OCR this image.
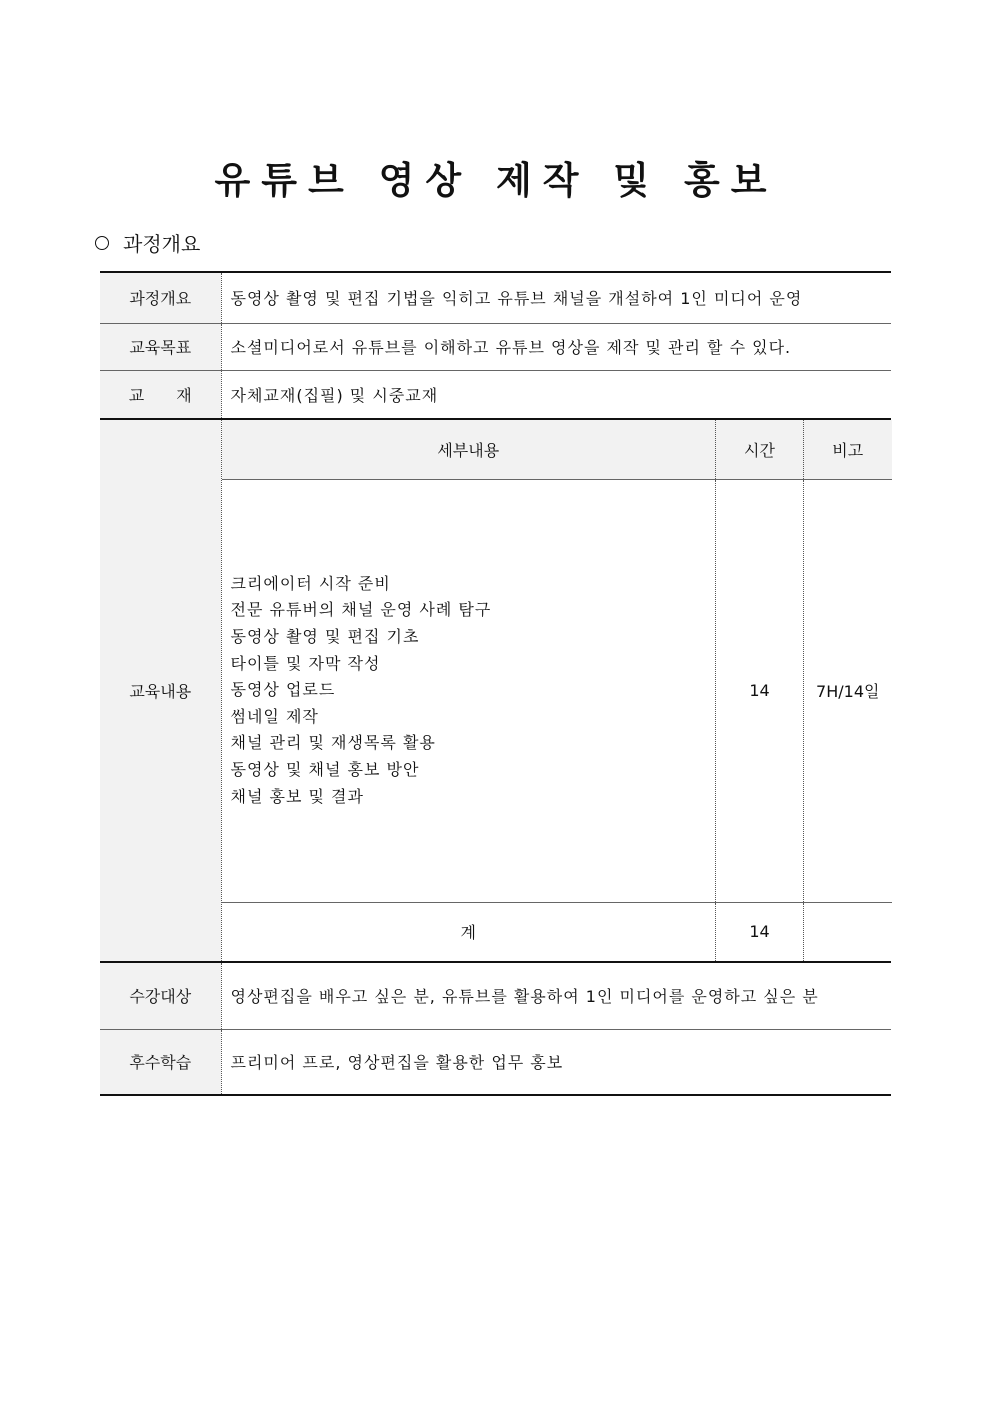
유튜브 영상 제작 및 홍보
과정개요
과정개요	동영상 촬영 및 편집 기법을 익히고 유튜브 채널을 개설하여 1인 미디어 운영
교육목표	소셜미디어로서 유튜브를 이해하고 유튜브 영상을 제작 및 관리 할 수 있다.
교　　재	자체교재(집필) 및 시중교재
교육내용	
세부내용	시간	비고

크리에이터 시작 준비
전문 유튜버의 채널 운영 사례 탐구
동영상 촬영 및 편집 기초
타이틀 및 자막 작성
동영상 업로드
썸네일 제작
채널 관리 및 재생목록 활용
동영상 및 채널 홍보 방안
채널 홍보 및 결과
	14	7H/14일
계	14	

수강대상	영상편집을 배우고 싶은 분, 유튜브를 활용하여 1인 미디어를 운영하고 싶은 분
후수학습	프리미어 프로, 영상편집을 활용한 업무 홍보
